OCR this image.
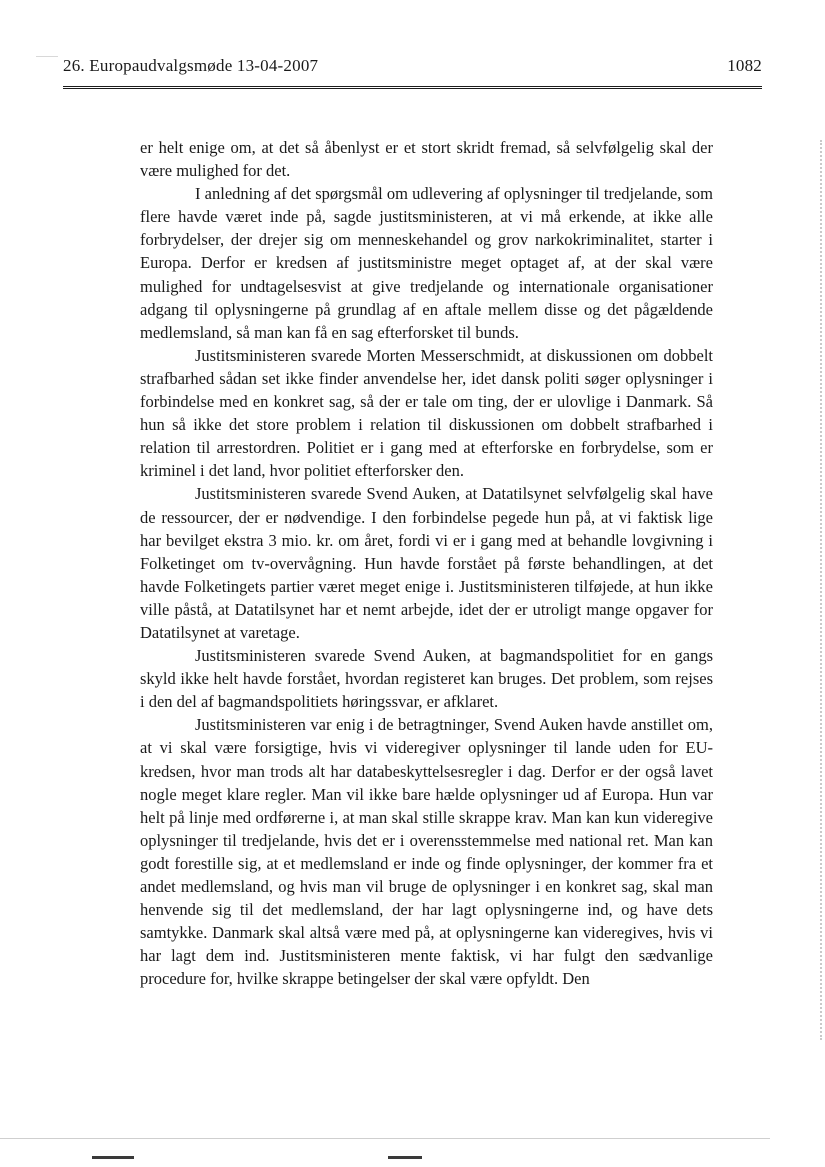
26. Europaudvalgsmøde 13-04-2007	1082

er helt enige om, at det så åbenlyst er et stort skridt fremad, så selvfølgelig skal der være mulighed for det.

I anledning af det spørgsmål om udlevering af oplysninger til tredjelande, som flere havde været inde på, sagde justitsministeren, at vi må erkende, at ikke alle forbrydelser, der drejer sig om menneskehandel og grov narkokriminalitet, starter i Europa. Derfor er kredsen af justitsministre meget optaget af, at der skal være mulighed for undtagelsesvist at give tredjelande og internationale organisationer adgang til oplysningerne på grundlag af en aftale mellem disse og det pågældende medlemsland, så man kan få en sag efterforsket til bunds.

Justitsministeren svarede Morten Messerschmidt, at diskussionen om dobbelt strafbarhed sådan set ikke finder anvendelse her, idet dansk politi søger oplysninger i forbindelse med en konkret sag, så der er tale om ting, der er ulovlige i Danmark. Så hun så ikke det store problem i relation til diskussionen om dobbelt strafbarhed i relation til arrestordren. Politiet er i gang med at efterforske en forbrydelse, som er kriminel i det land, hvor politiet efterforsker den.

Justitsministeren svarede Svend Auken, at Datatilsynet selvfølgelig skal have de ressourcer, der er nødvendige. I den forbindelse pegede hun på, at vi faktisk lige har bevilget ekstra 3 mio. kr. om året, fordi vi er i gang med at behandle lovgivning i Folketinget om tv-overvågning. Hun havde forstået på første behandlingen, at det havde Folketingets partier været meget enige i. Justitsministeren tilføjede, at hun ikke ville påstå, at Datatilsynet har et nemt arbejde, idet der er utroligt mange opgaver for Datatilsynet at varetage.

Justitsministeren svarede Svend Auken, at bagmandspolitiet for en gangs skyld ikke helt havde forstået, hvordan registeret kan bruges. Det problem, som rejses i den del af bagmandspolitiets høringssvar, er afklaret.

Justitsministeren var enig i de betragtninger, Svend Auken havde anstillet om, at vi skal være forsigtige, hvis vi videregiver oplysninger til lande uden for EU-kredsen, hvor man trods alt har databeskyttelsesregler i dag. Derfor er der også lavet nogle meget klare regler. Man vil ikke bare hælde oplysninger ud af Europa. Hun var helt på linje med ordførerne i, at man skal stille skrappe krav. Man kan kun videregive oplysninger til tredjelande, hvis det er i overensstemmelse med national ret. Man kan godt forestille sig, at et medlemsland er inde og finde oplysninger, der kommer fra et andet medlemsland, og hvis man vil bruge de oplysninger i en konkret sag, skal man henvende sig til det medlemsland, der har lagt oplysningerne ind, og have dets samtykke. Danmark skal altså være med på, at oplysningerne kan videregives, hvis vi har lagt dem ind. Justitsministeren mente faktisk, vi har fulgt den sædvanlige procedure for, hvilke skrappe betingelser der skal være opfyldt. Den
